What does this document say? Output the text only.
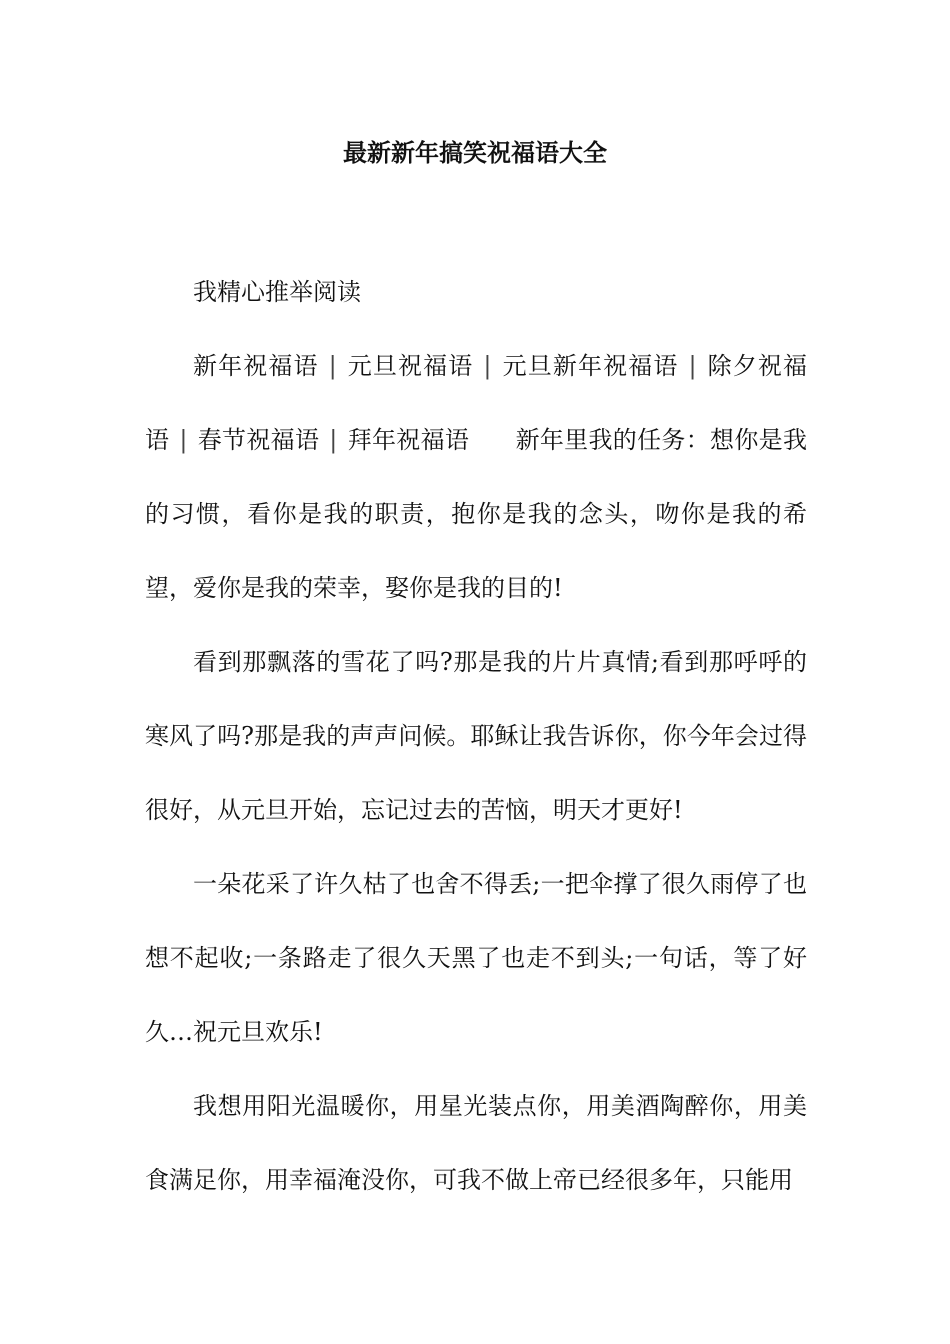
最新新年搞笑祝福语大全

我精心推举阅读

新年祝福语 | 元旦祝福语 | 元旦新年祝福语 | 除夕祝福语 | 春节祝福语 | 拜年祝福语 新年里我的任务：想你是我的习惯，看你是我的职责，抱你是我的念头，吻你是我的希望，爱你是我的荣幸，娶你是我的目的!

看到那飘落的雪花了吗?那是我的片片真情;看到那呼呼的寒风了吗?那是我的声声问候。耶稣让我告诉你，你今年会过得很好，从元旦开始，忘记过去的苦恼，明天才更好!

一朵花采了许久枯了也舍不得丢;一把伞撑了很久雨停了也想不起收;一条路走了很久天黑了也走不到头;一句话，等了好久…祝元旦欢乐!

我想用阳光温暖你，用星光装点你，用美酒陶醉你，用美食满足你，用幸福淹没你，可我不做上帝已经很多年，只能用
